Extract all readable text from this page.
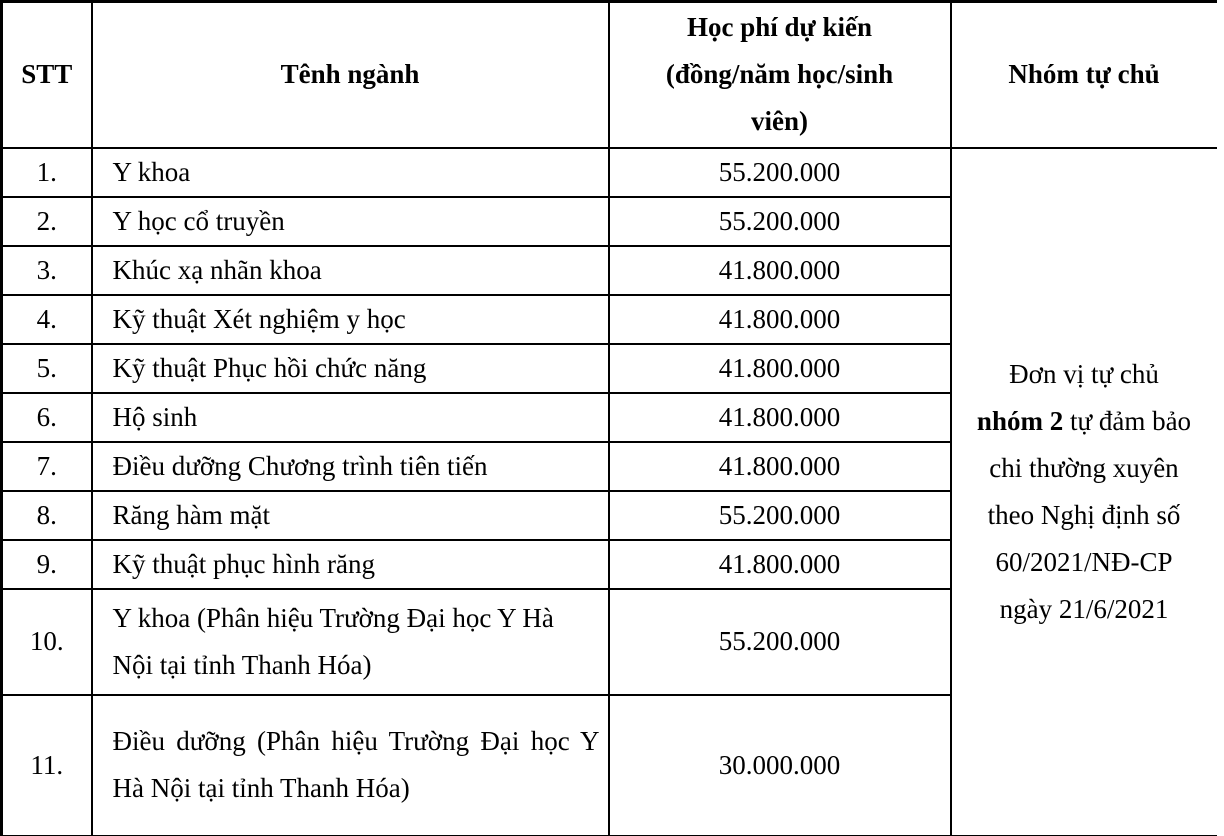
STT	Tênh ngành	Học phí dự kiến (đồng/năm học/sinh viên)	Nhóm tự chủ
1.	Y khoa	55.200.000	Đơn vị tự chủ nhóm 2 tự đảm bảo chi thường xuyên theo Nghị định số 60/2021/NĐ-CP ngày 21/6/2021

2.	Y học cổ truyền	55.200.000	
3.	Khúc xạ nhãn khoa	41.800.000	
4.	Kỹ thuật Xét nghiệm y học	41.800.000	
5.	Kỹ thuật Phục hồi chức năng	41.800.000	
6.	Hộ sinh	41.800.000	
7.	Điều dưỡng Chương trình tiên tiến	41.800.000	
8.	Răng hàm mặt	55.200.000	
9.	Kỹ thuật phục hình răng	41.800.000	
10.	Y khoa (Phân hiệu Trường Đại học Y Hà Nội tại tỉnh Thanh Hóa)	55.200.000	
11.	Điều dưỡng (Phân hiệu Trường Đại học Y Hà Nội tại tỉnh Thanh Hóa)	30.000.000	
